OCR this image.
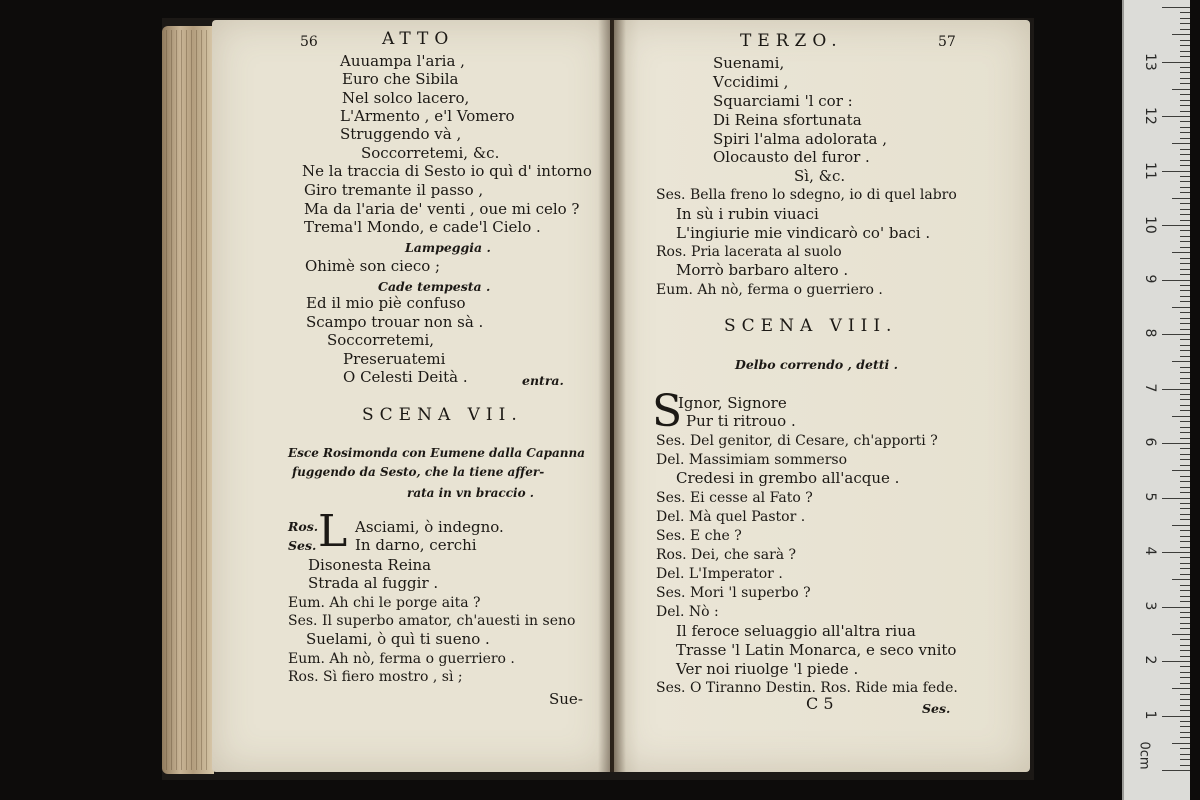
56	ATTO
Auuampa l'aria ,
Euro che Sibila
Nel solco lacero,
L'Armento , e'l Vomero
Struggendo và ,
Soccorretemi, &c.
Ne la traccia di Sesto io quì d' intorno
Giro tremante il passo ,
Ma da l'aria de' venti , oue mi celo ?
Trema'l Mondo, e cade'l Cielo .
Lampeggia .
Ohimè son cieco ;
Cade tempesta .
Ed il mio piè confuso
Scampo trouar non sà .
Soccorretemi,
Preseruatemi
O Celesti Deità .	entra.
SCENA VII.
Esce Rosimonda con Eumene dalla Capanna
fuggendo da Sesto, che la tiene affer-
rata in vn braccio .
Ros. L Asciami, ò indegno.
Ses.	In darno, cerchi
Disonesta Reina
Strada al fuggir .
Eum. Ah chi le porge aita ?
Ses. Il superbo amator, ch'auesti in seno
Suelami, ò quì ti sueno .
Eum. Ah nò, ferma o guerriero .
Ros. Sì fiero mostro , sì ;
Sue-
TERZO.	57
Suenami,
Vccidimi ,
Squarciami 'l cor :
Di Reina sfortunata
Spiri l'alma adolorata ,
Olocausto del furor .
Sì, &c.
Ses. Bella freno lo sdegno, io di quel labro
In sù i rubin viuaci
L'ingiurie mie vindicarò co' baci .
Ros. Pria lacerata al suolo
Morrò barbaro altero .
Eum. Ah nò, ferma o guerriero .
SCENA VIII.
Delbo correndo , detti .
S
Ignor, Signore
Pur ti ritrouo .
Ses. Del genitor, di Cesare, ch'apporti ?
Del. Massimiam sommerso
Credesi in grembo all'acque .
Ses. Ei cesse al Fato ?
Del. Mà quel Pastor .
Ses. E che ?
Ros. Dei, che sarà ?
Del. L'Imperator .
Ses. Mori 'l superbo ?
Del. Nò :
Il feroce seluaggio all'altra riua
Trasse 'l Latin Monarca, e seco vnito
Ver noi riuolge 'l piede .
Ses. O Tiranno Destin. Ros. Ride mia fede.
C 5	Ses.	1
2
3
4
5
6
7
8
9
10
11
12
13
0cm
